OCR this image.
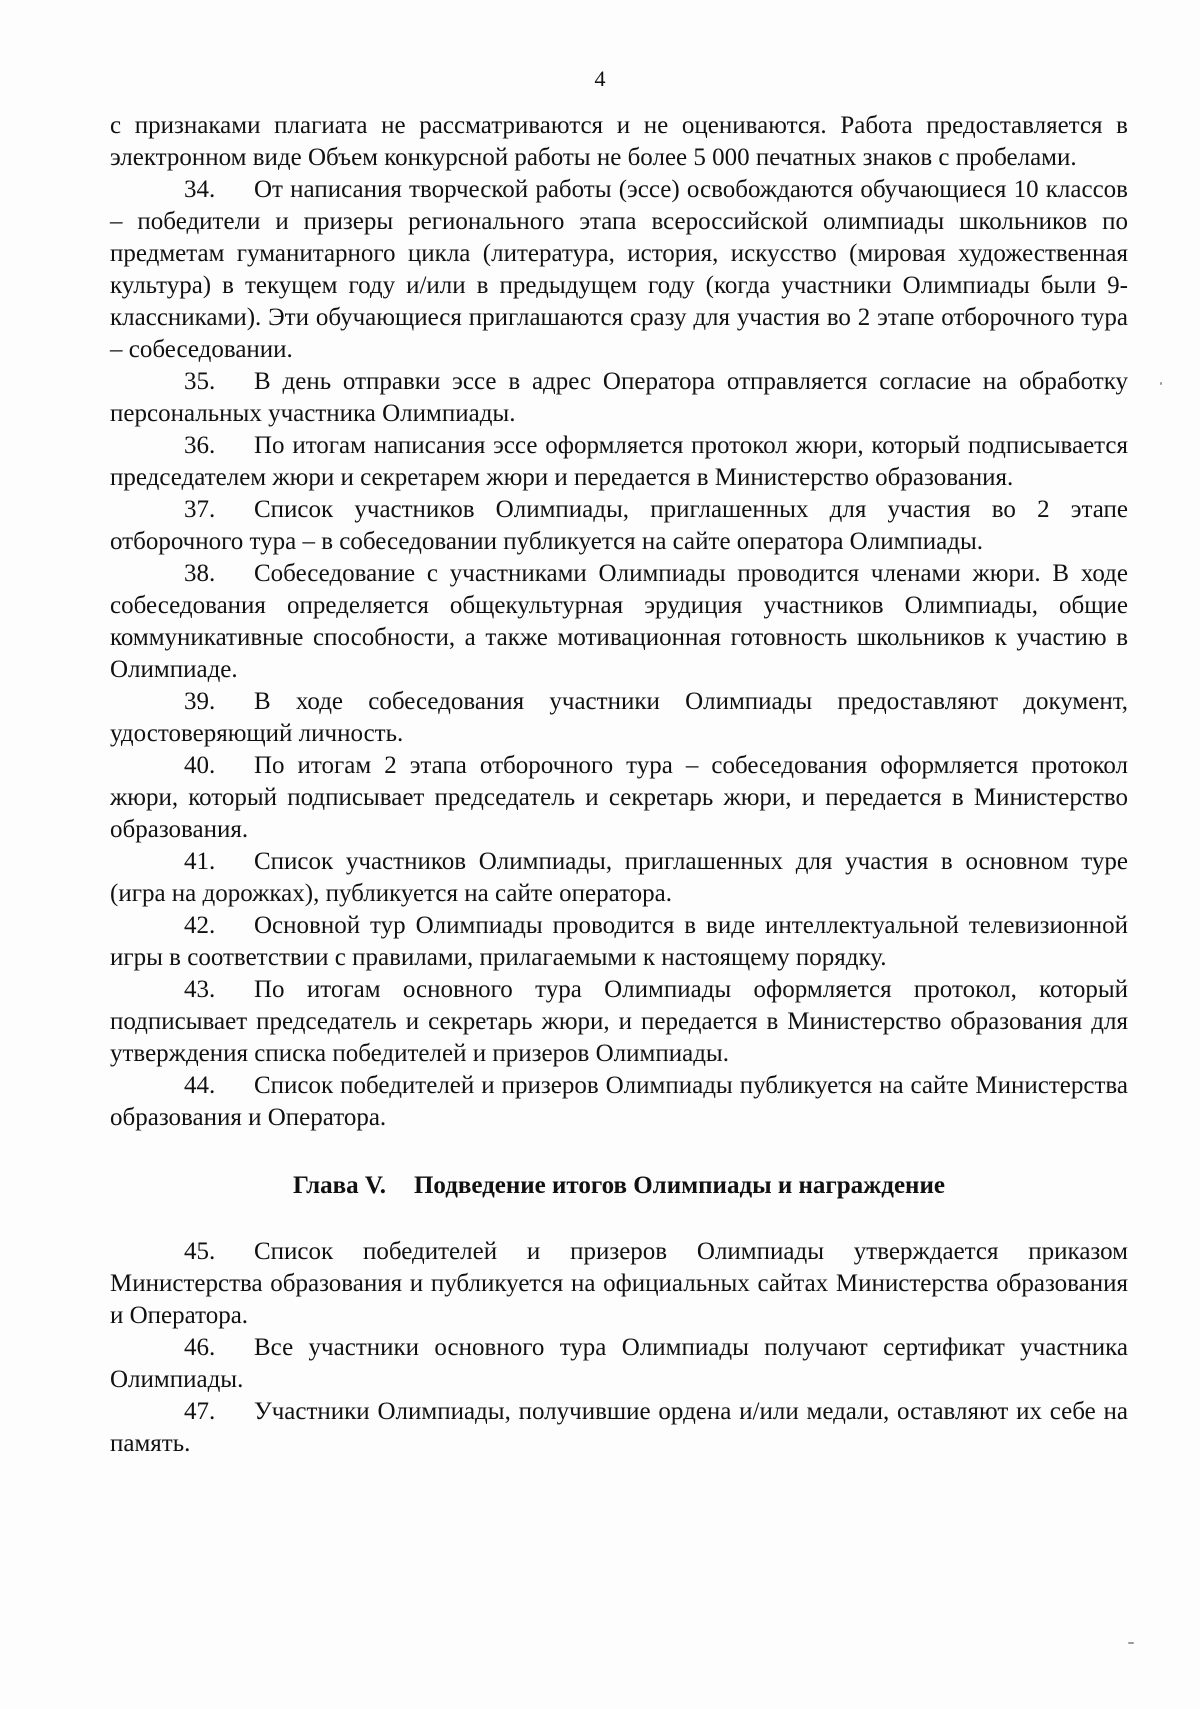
4

с признаками плагиата не рассматриваются и не оцениваются. Работа предоставляется в электронном виде Объем конкурсной работы не более 5 000 печатных знаков с пробелами.

34. От написания творческой работы (эссе) освобождаются обучающиеся 10 классов – победители и призеры регионального этапа всероссийской олимпиады школьников по предметам гуманитарного цикла (литература, история, искусство (мировая художественная культура) в текущем году и/или в предыдущем году (когда участники Олимпиады были 9-классниками). Эти обучающиеся приглашаются сразу для участия во 2 этапе отборочного тура – собеседовании.

35. В день отправки эссе в адрес Оператора отправляется согласие на обработку персональных участника Олимпиады.

36. По итогам написания эссе оформляется протокол жюри, который подписывается председателем жюри и секретарем жюри и передается в Министерство образования.

37. Список участников Олимпиады, приглашенных для участия во 2 этапе отборочного тура – в собеседовании публикуется на сайте оператора Олимпиады.

38. Собеседование с участниками Олимпиады проводится членами жюри. В ходе собеседования определяется общекультурная эрудиция участников Олимпиады, общие коммуникативные способности, а также мотивационная готовность школьников к участию в Олимпиаде.

39. В ходе собеседования участники Олимпиады предоставляют документ, удостоверяющий личность.

40. По итогам 2 этапа отборочного тура – собеседования оформляется протокол жюри, который подписывает председатель и секретарь жюри, и передается в Министерство образования.

41. Список участников Олимпиады, приглашенных для участия в основном туре (игра на дорожках), публикуется на сайте оператора.

42. Основной тур Олимпиады проводится в виде интеллектуальной телевизионной игры в соответствии с правилами, прилагаемыми к настоящему порядку.

43. По итогам основного тура Олимпиады оформляется протокол, который подписывает председатель и секретарь жюри, и передается в Министерство образования для утверждения списка победителей и призеров Олимпиады.

44. Список победителей и призеров Олимпиады публикуется на сайте Министерства образования и Оператора.

Глава V. Подведение итогов Олимпиады и награждение

45. Список победителей и призеров Олимпиады утверждается приказом Министерства образования и публикуется на официальных сайтах Министерства образования и Оператора.

46. Все участники основного тура Олимпиады получают сертификат участника Олимпиады.

47. Участники Олимпиады, получившие ордена и/или медали, оставляют их себе на память.
